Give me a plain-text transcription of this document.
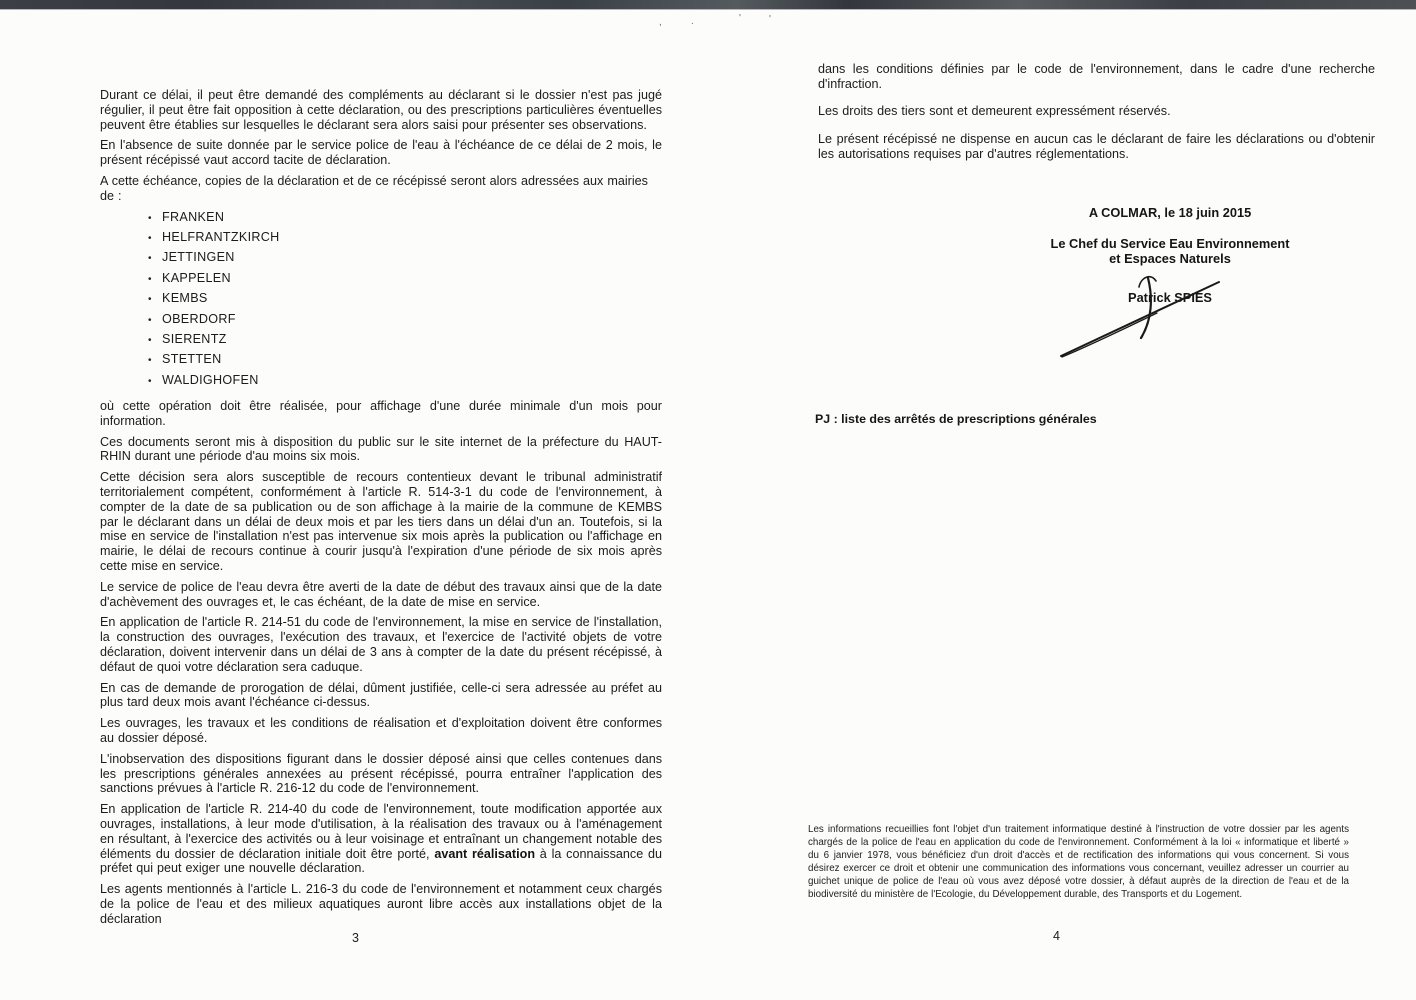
,	.	'	'

Durant ce délai, il peut être demandé des compléments au déclarant si le dossier n'est pas jugé régulier, il peut être fait opposition à cette déclaration, ou des prescriptions particulières éventuelles peuvent être établies sur lesquelles le déclarant sera alors saisi pour présenter ses observations.

En l'absence de suite donnée par le service police de l'eau à l'échéance de ce délai de 2 mois, le présent récépissé vaut accord tacite de déclaration.

A cette échéance, copies de la déclaration et de ce récépissé seront alors adressées aux mairies de :

• FRANKEN
• HELFRANTZKIRCH
• JETTINGEN
• KAPPELEN
• KEMBS
• OBERDORF
• SIERENTZ
• STETTEN
• WALDIGHOFEN

où cette opération doit être réalisée, pour affichage d'une durée minimale d'un mois pour information.

Ces documents seront mis à disposition du public sur le site internet de la préfecture du HAUT-RHIN durant une période d'au moins six mois.

Cette décision sera alors susceptible de recours contentieux devant le tribunal administratif territorialement compétent, conformément à l'article R. 514-3-1 du code de l'environnement, à compter de la date de sa publication ou de son affichage à la mairie de la commune de KEMBS par le déclarant dans un délai de deux mois et par les tiers dans un délai d'un an. Toutefois, si la mise en service de l'installation n'est pas intervenue six mois après la publication ou l'affichage en mairie, le délai de recours continue à courir jusqu'à l'expiration d'une période de six mois après cette mise en service.

Le service de police de l'eau devra être averti de la date de début des travaux ainsi que de la date d'achèvement des ouvrages et, le cas échéant, de la date de mise en service.

En application de l'article R. 214-51 du code de l'environnement, la mise en service de l'installation, la construction des ouvrages, l'exécution des travaux, et l'exercice de l'activité objets de votre déclaration, doivent intervenir dans un délai de 3 ans à compter de la date du présent récépissé, à défaut de quoi votre déclaration sera caduque.

En cas de demande de prorogation de délai, dûment justifiée, celle-ci sera adressée au préfet au plus tard deux mois avant l'échéance ci-dessus.

Les ouvrages, les travaux et les conditions de réalisation et d'exploitation doivent être conformes au dossier déposé.

L'inobservation des dispositions figurant dans le dossier déposé ainsi que celles contenues dans les prescriptions générales annexées au présent récépissé, pourra entraîner l'application des sanctions prévues à l'article R. 216-12 du code de l'environnement.

En application de l'article R. 214-40 du code de l'environnement, toute modification apportée aux ouvrages, installations, à leur mode d'utilisation, à la réalisation des travaux ou à l'aménagement en résultant, à l'exercice des activités ou à leur voisinage et entraînant un changement notable des éléments du dossier de déclaration initiale doit être porté, avant réalisation à la connaissance du préfet qui peut exiger une nouvelle déclaration.

Les agents mentionnés à l'article L. 216-3 du code de l'environnement et notamment ceux chargés de la police de l'eau et des milieux aquatiques auront libre accès aux installations objet de la déclaration

3

dans les conditions définies par le code de l'environnement, dans le cadre d'une recherche d'infraction.

Les droits des tiers sont et demeurent expressément réservés.

Le présent récépissé ne dispense en aucun cas le déclarant de faire les déclarations ou d'obtenir les autorisations requises par d'autres réglementations.

A COLMAR, le 18 juin 2015
Le Chef du Service Eau Environnement
et Espaces Naturels
Patrick SPIES
PJ : liste des arrêtés de prescriptions générales
Les informations recueillies font l'objet d'un traitement informatique destiné à l'instruction de votre dossier par les agents chargés de la police de l'eau en application du code de l'environnement. Conformément à la loi « informatique et liberté » du 6 janvier 1978, vous bénéficiez d'un droit d'accès et de rectification des informations qui vous concernent. Si vous désirez exercer ce droit et obtenir une communication des informations vous concernant, veuillez adresser un courrier au guichet unique de police de l'eau où vous avez déposé votre dossier, à défaut auprès de la direction de l'eau et de la biodiversité du ministère de l'Ecologie, du Développement durable, des Transports et du Logement.
4
